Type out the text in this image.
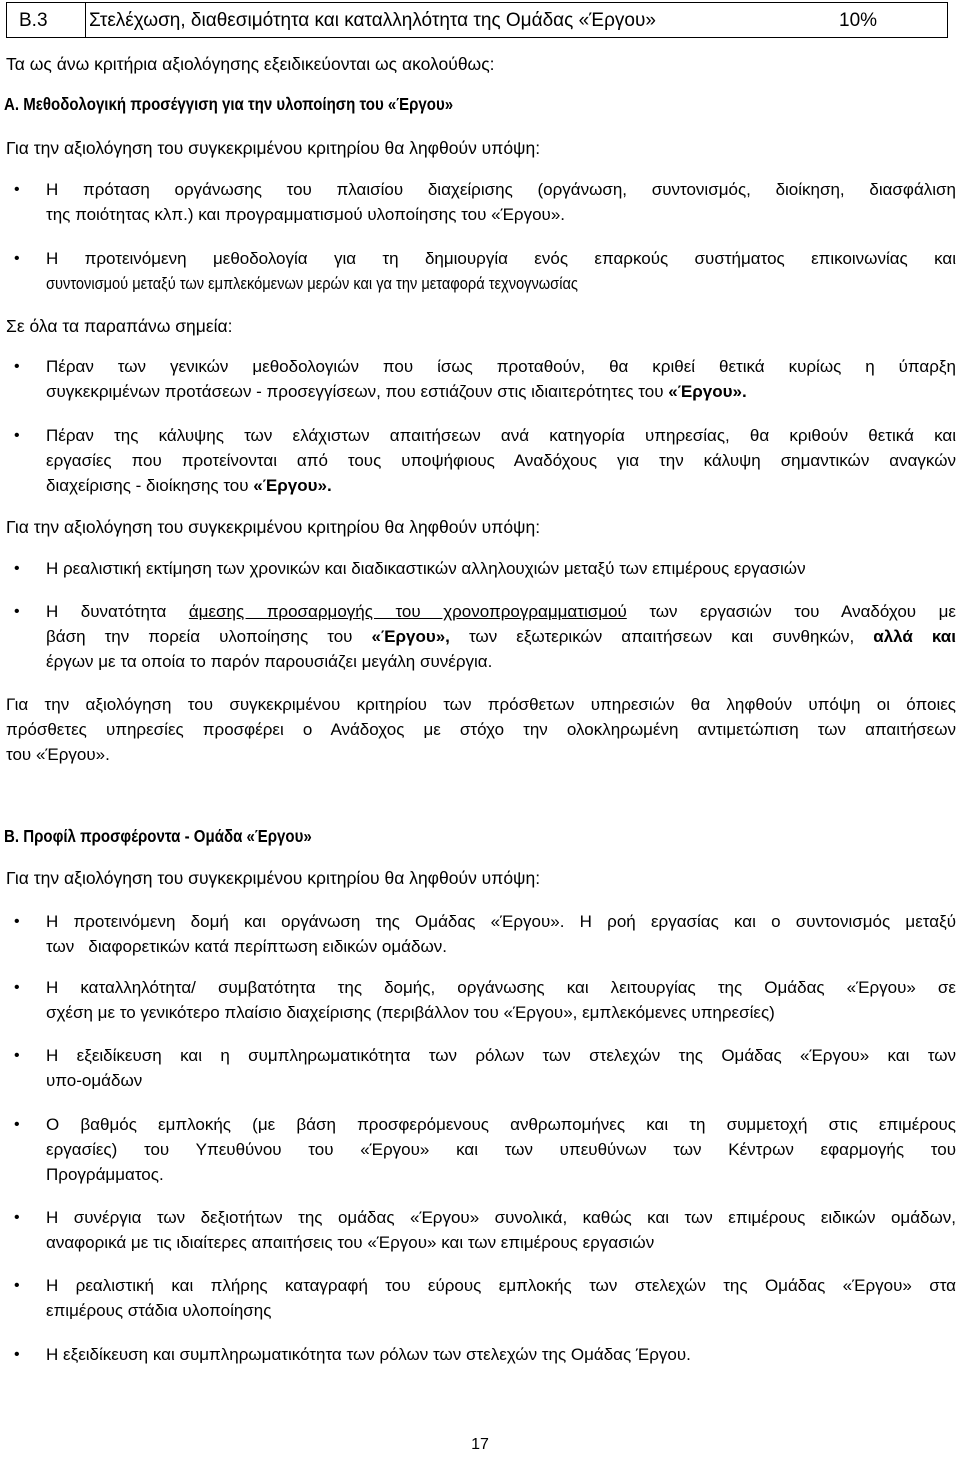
B.3 Στελέχωση, διαθεσιμότητα και καταλληλότητα της Ομάδας «Έργου»	10%
Τα ως άνω κριτήρια αξιολόγησης εξειδικεύονται ως ακολούθως:
Α. Μεθοδολογική προσέγγιση για την υλοποίηση του «Έργου»
Για την αξιολόγηση του συγκεκριμένου κριτηρίου θα ληφθούν υπόψη:
• Η πρόταση οργάνωσης του πλαισίου διαχείρισης (οργάνωση, συντονισμός, διοίκηση, διασφάλιση
της ποιότητας κλπ.) και προγραμματισμού υλοποίησης του «Έργου».
• Η προτεινόμενη μεθοδολογία για τη δημιουργία ενός επαρκούς συστήματος επικοινωνίας και
συντονισμού μεταξύ των εμπλεκόμενων μερών και γα την μεταφορά τεχνογνωσίας
Σε όλα τα παραπάνω σημεία:
• Πέραν των γενικών μεθοδολογιών που ίσως προταθούν, θα κριθεί θετικά κυρίως η ύπαρξη
συγκεκριμένων προτάσεων - προσεγγίσεων, που εστιάζουν στις ιδιαιτερότητες του «Έργου».
• Πέραν της κάλυψης των ελάχιστων απαιτήσεων ανά κατηγορία υπηρεσίας, θα κριθούν θετικά και
εργασίες που προτείνονται από τους υποψήφιους Αναδόχους για την κάλυψη σημαντικών αναγκών
διαχείρισης - διοίκησης του «Έργου».
Για την αξιολόγηση του συγκεκριμένου κριτηρίου θα ληφθούν υπόψη:
• Η ρεαλιστική εκτίμηση των χρονικών και διαδικαστικών αλληλουχιών μεταξύ των επιμέρους εργασιών
• Η δυνατότητα άμεσης προσαρμογής του χρονοπρογραμματισμού των εργασιών του Αναδόχου με
βάση την πορεία υλοποίησης του «Έργου», των εξωτερικών απαιτήσεων και συνθηκών, αλλά και
έργων με τα οποία το παρόν παρουσιάζει μεγάλη συνέργια.
Για την αξιολόγηση του συγκεκριμένου κριτηρίου των πρόσθετων υπηρεσιών θα ληφθούν υπόψη οι όποιες
πρόσθετες υπηρεσίες προσφέρει ο Ανάδοχος με στόχο την ολοκληρωμένη αντιμετώπιση των απαιτήσεων
του «Έργου».
Β. Προφίλ προσφέροντα - Ομάδα «Έργου»
Για την αξιολόγηση του συγκεκριμένου κριτηρίου θα ληφθούν υπόψη:
• Η προτεινόμενη δομή και οργάνωση της Ομάδας «Έργου». Η ροή εργασίας και ο συντονισμός μεταξύ
των   διαφορετικών κατά περίπτωση ειδικών ομάδων.
• Η καταλληλότητα/ συμβατότητα της δομής, οργάνωσης και λειτουργίας της Ομάδας «Έργου» σε
σχέση με το γενικότερο πλαίσιο διαχείρισης (περιβάλλον του «Έργου», εμπλεκόμενες υπηρεσίες)
• Η εξειδίκευση και η συμπληρωματικότητα των ρόλων των στελεχών της Ομάδας «Έργου» και των
υπο-ομάδων
• Ο βαθμός εμπλοκής (με βάση προσφερόμενους ανθρωπομήνες και τη συμμετοχή στις επιμέρους
εργασίες) του Υπευθύνου του «Έργου» και των υπευθύνων των Κέντρων εφαρμογής του
Προγράμματος.
• Η συνέργια των δεξιοτήτων της ομάδας «Έργου» συνολικά, καθώς και των επιμέρους ειδικών ομάδων,
αναφορικά με τις ιδιαίτερες απαιτήσεις του «Έργου» και των επιμέρους εργασιών
• Η ρεαλιστική και πλήρης καταγραφή του εύρους εμπλοκής των στελεχών της Ομάδας «Έργου» στα
επιμέρους στάδια υλοποίησης
• Η εξειδίκευση και συμπληρωματικότητα των ρόλων των στελεχών της Ομάδας Έργου.
17
